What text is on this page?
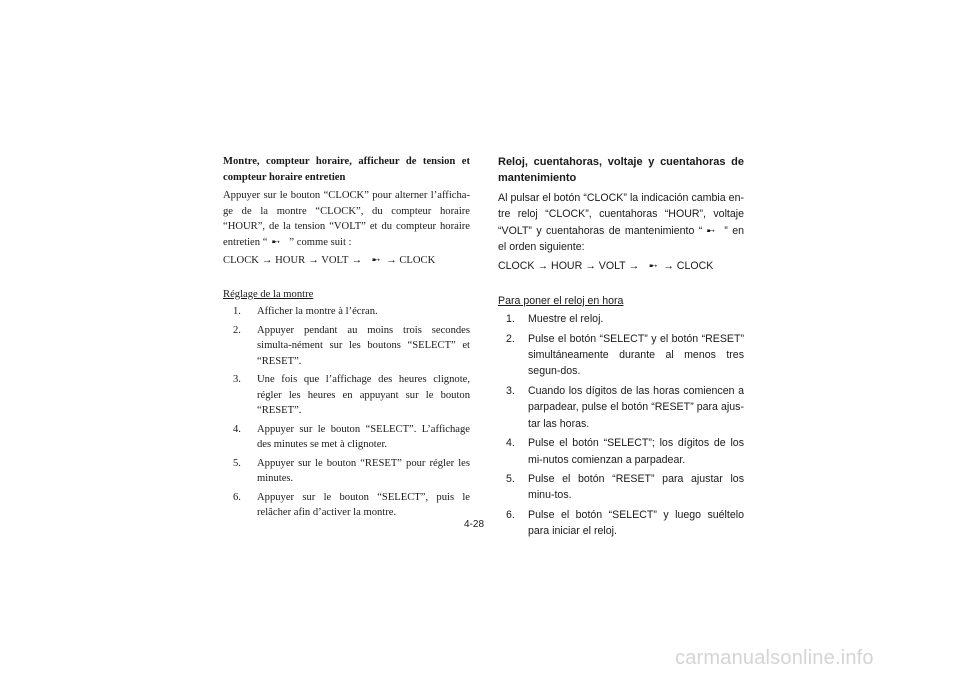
Montre, compteur horaire, afficheur de tension et compteur horaire entretien

Appuyer sur le bouton “CLOCK” pour alterner l’afficha-ge de la montre “CLOCK”, du compteur horaire “HOUR”, de la tension “VOLT” et du compteur horaire entretien “ ➸ ” comme suit :

CLOCK → HOUR → VOLT → ➸ → CLOCK

Réglage de la montre

1.	Afficher la montre à l’écran.
2.	Appuyer pendant au moins trois secondes simulta-nément sur les boutons “SELECT” et “RESET”.
3.	Une fois que l’affichage des heures clignote, régler les heures en appuyant sur le bouton “RESET”.
4.	Appuyer sur le bouton “SELECT”. L’affichage des minutes se met à clignoter.
5.	Appuyer sur le bouton “RESET” pour régler les minutes.
6.	Appuyer sur le bouton “SELECT”, puis le relâcher afin d’activer la montre.

Reloj, cuentahoras, voltaje y cuentahoras de mantenimiento

Al pulsar el botón “CLOCK” la indicación cambia en-tre reloj “CLOCK”, cuentahoras “HOUR”, voltaje “VOLT” y cuentahoras de mantenimiento “ ➸ ” en el orden siguiente:

CLOCK → HOUR → VOLT → ➸ → CLOCK

Para poner el reloj en hora

1.	Muestre el reloj.
2.	Pulse el botón “SELECT” y el botón “RESET” simultáneamente durante al menos tres segun-dos.
3.	Cuando los dígitos de las horas comiencen a parpadear, pulse el botón “RESET” para ajus-tar las horas.
4.	Pulse el botón “SELECT”; los dígitos de los mi-nutos comienzan a parpadear.
5.	Pulse el botón “RESET” para ajustar los minu-tos.
6.	Pulse el botón “SELECT” y luego suéltelo para iniciar el reloj.
4-28
carmanualsonline.info
